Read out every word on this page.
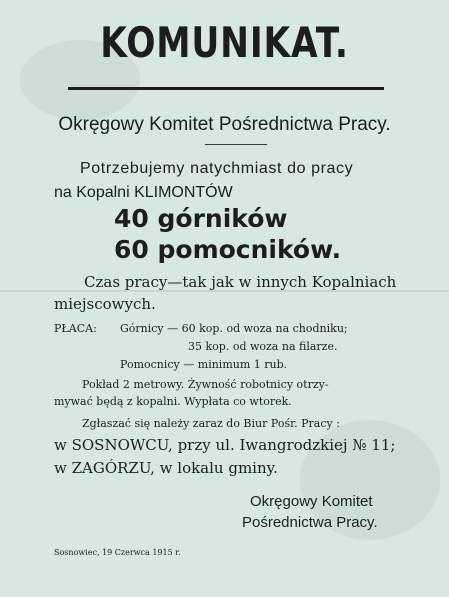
KOMUNIKAT.
Okręgowy Komitet Pośrednictwa Pracy.
Potrzebujemy natychmiast do pracy
na Kopalni KLIMONTÓW
40 górników
60 pomocników.
Czas pracy—tak jak w innych Kopalniach
miejscowych.
PŁACA: Górnicy — 60 kop. od woza na chodniku;
35 kop. od woza na filarze.
Pomocnicy — minimum 1 rub.
Pokład 2 metrowy. Żywność robotnicy otrzy-
mywać będą z kopalni. Wypłata co wtorek.
Zgłaszać się należy zaraz do Biur Pośr. Pracy :
w SOSNOWCU, przy ul. Iwangrodzkiej № 11;
w ZAGÓRZU, w lokalu gminy.
Okręgowy Komitet
Pośrednictwa Pracy.
Sosnowiec, 19 Czerwca 1915 r.
